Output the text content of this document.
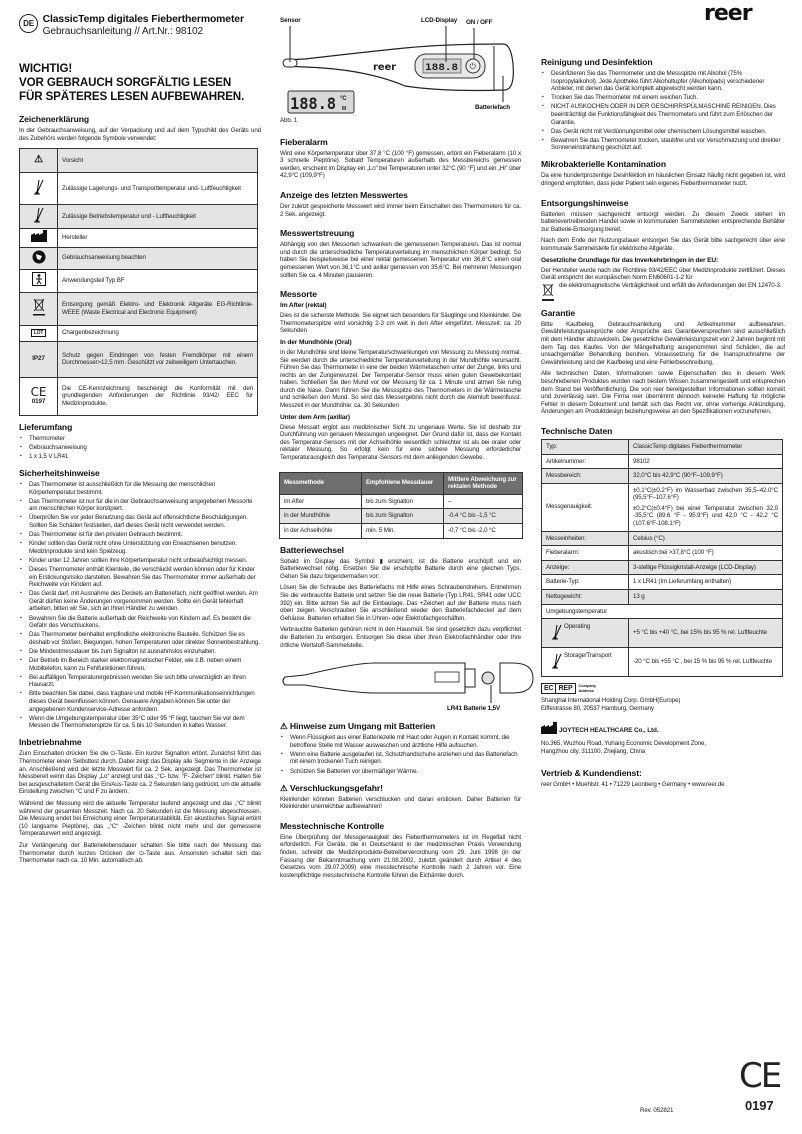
reer
DE ClassicTemp digitales Fieberthermometer
Gebrauchsanleitung // Art.Nr.: 98102
WICHTIG!
VOR GEBRAUCH SORGFÄLTIG LESEN
FÜR SPÄTERES LESEN AUFBEWAHREN.
Zeichenerklärung

In der Gebrauchsanweisung, auf der Verpackung und auf dem Typschild des Geräts und des Zubehörs werden folgende Symbole verwendet:

⚠	Vorsicht
	Zulässige Lagerungs- und Transporttemperatur und- Luftfeuchtigkeit
	Zulässige Betriebstemperatur und - Luftfeuchtigkeit
	Hersteller
	Gebrauchsanweisung beachten
	Anwendungsteil Typ BF
	Entsorgung gemäß Elektro- und Elektronik Altgeräte EG-Richtlinie-WEEE (Waste Electrical and Electronic Equipment)
LOT	Chargenbezeichnung
IP27	Schutz gegen Eindringen von festen Fremdkörper mit einem Durchmesser>12,5 mm. Geschützt vor zeitweiligem Untertauchen.

CE
0197	Die CE-Kennzeichnung bescheinigt die Konformität mit den grundlegenden Anforderungen der Richtlinie 93/42/ EEC für Medizinprodukte.
Lieferumfang
▪ Thermometer
▪ Gebrauchsanweisung
▪ 1 x 1,5 V LR41
Sicherheitshinweise
▪ Das Thermometer ist ausschließlich für die Messung der menschlichen Körpertemperatur bestimmt.
▪ Das Thermometer ist nur für die in der Gebrauchsanweisung angegebenen Messorte am menschlichen Körper konzipiert.
▪ Überprüfen Sie vor jeder Benutzung das Gerät auf offensichtliche Beschädigungen. Sollten Sie Schäden feststellen, darf dieses Gerät nicht verwendet werden.
▪ Das Thermometer ist für den privaten Gebrauch bestimmt.
▪ Kinder sollten das Gerät nicht ohne Unterstützung von Erwachsenen benutzen. Medizinprodukte sind kein Spielzeug.
▪ Kinder unter 12 Jahren sollten ihre Körpertemperatur nicht unbeaufsichtigt messen.
▪ Dieses Thermometer enthält Kleinteile, die verschluckt werden können oder für Kinder ein Erstickungsrisiko darstellen. Bewahren Sie das Thermometer immer außerhalb der Reichweite von Kindern auf.
▪ Das Gerät darf, mit Ausnahme des Deckels am Batteriefach, nicht geöffnet werden. Am Gerät dürfen keine Änderungen vorgenommen werden. Sollte ein Gerät fehlerhaft arbeiten, bitten wir Sie, sich an Ihren Händler zu wenden.
▪ Bewahren Sie die Batterie außerhalb der Reichweite von Kindern auf. Es besteht die Gefahr des Verschluckens.
▪ Das Thermometer beinhaltet empfindliche elektronische Bauteile. Schützen Sie es deshalb vor Stößen, Biegungen, hohen Temperaturen oder direkter Sonnenbestrahlung.
▪ Die Mindestmessdauer bis zum Signalton ist ausnahmslos einzuhalten.
▪ Der Betrieb im Bereich starker elektromagnetischer Felder, wie z.B. neben einem Mobiltelefon, kann zu Fehlfunktionen führen.
▪ Bei auffälligen Temperaturergebnissen wenden Sie sich bitte unverzüglich an Ihren Hausarzt.
▪ Bitte beachten Sie dabei, dass tragbare und mobile HF-Kommunikationseinrichtungen dieses Gerät beeinflussen können. Genauere Angaben können Sie unter der angegebenen Kundenservice-Adresse anfordern.
▪ Wenn die Umgebungstemperatur über 35°C oder 95 °F liegt, tauchen Sie vor dem Messen die Thermometerspitze für ca. 5 bis 10 Sekunden in kaltes Wasser.
Inbetriebnahme

Zum Einschalten drücken Sie die ⏻-Taste. Ein kurzer Signalton ertönt. Zunächst führt das Thermometer einen Selbsttest durch. Dabei zeigt das Display alle Segmente in der Anzeige an. Anschließend wird der letzte Messwert für ca. 2 Sek. angezeigt. Das Thermometer ist Messbereit wenn das Display „Lo“ anzeigt und das „°C- bzw. °F- Zeichen“ blinkt. Halten Sie bei ausgeschaltetem Gerät die Ein/Aus-Taste ca. 2 Sekunden lang gedrückt, um die aktuelle Einstellung zwischen °C und F zu ändern.

Während der Messung wird die aktuelle Temperatur laufend angezeigt und das „°C“ blinkt während der gesamten Messzeit. Nach ca. 20 Sekunden ist die Messung abgeschlossen. Die Messung endet bei Erreichung einer Temperaturstabilität. Ein akustisches Signal ertönt (10 langsame Pieptöne), das „°C“ -Zeichen blinkt nicht mehr und der gemessene Temperaturwert wird angezeigt.

Zur Verlängerung der Batterielebensdauer schalten Sie bitte nach der Messung das Thermometer durch kurzes Drücken der ⏻-Taste aus. Ansonsten schaltet sich das Thermometer nach ca. 10 Min. automatisch ab.

188.8 ⏻
reer
188.8 °C
M
Sensor	LCD-Display ON / OFF
Batteriefach
Abb. 1
Fieberalarm

Wird eine Körpertemperatur über 37,8 °C (100 °F) gemessen, ertönt ein Fieberalarm (10 x 3 schnelle Pieptöne). Sobald Temperaturen außerhalb des Messbereichs gemessen werden, erscheint im Display ein „Lo“ bei Temperaturen unter 32°C (90 °F) und ein „Hi“ über 42,9°C (109,9°F)

Anzeige des letzten Messwertes

Der zuletzt gespeicherte Messwert wird immer beim Einschalten des Thermometers für ca. 2 Sek. angezeigt.

Messwertstreuung

Abhängig von den Messorten schwanken die gemessenen Temperaturen. Das ist normal und durch die unterschiedliche Temperaturverteilung im menschlichen Körper bedingt. So haben Sie beispielsweise bei einer rektal gemessenen Temperatur von 36,6°C einen oral gemessenen Wert von 36,1°C und axillar gemessen von 35,6°C. Bei mehreren Messungen sollten Sie ca. 4 Minuten pausieren.

Messorte
Im After (rektal)

Dies ist die sicherste Methode. Sie eignet sich besonders für Säuglinge und Kleinkinder. Die Thermometerspitze wird vorsichtig 2-3 cm weit in den After eingeführt. Messzeit: ca. 20 Sekunden

In der Mundhöhle (Oral)

In der Mundhöhle sind kleine Temperaturschwankungen von Messung zu Messung normal. Sie werden durch die unterschiedliche Temperaturverteilung in der Mundhöhle verursacht. Führen Sie das Thermometer in eine der beiden Wärmetaschen unter der Zunge, links und rechts an der Zungenwurzel. Der Temperatur-Sensor muss einen guten Gewebekontakt haben. Schließen Sie den Mund vor der Messung für ca. 1 Minute und atmen Sie ruhig durch die Nase. Dann führen Sie die Messspitze des Thermometers in die Wärmetasche und schließen den Mund. So wird das Messergebnis nicht durch die Atemluft beeinflusst. Messzeit in der Mundhöhle: ca. 30 Sekunden

Unter dem Arm (axillar)

Diese Messart ergibt aus medizinischer Sicht zu ungenaue Werte. Sie ist deshalb zur Durchführung von genauen Messungen ungeeignet. Der Grund dafür ist, dass der Kontakt des Temperatur-Sensors mit der Achselhöhle wesentlich schlechter ist als bei oraler oder rektaler Messung. So erfolgt kein für eine sichere Messung erforderlicher Temperaturausgleich des Temperatur-Sensors mit dem anliegenden Gewebe.

Messmethode	Empfohlene Messdauer	Mittlere Abweichung zur rektalen Methode
im After	bis zum Signalton	–
in der Mundhöhle	bis zum Signalton	-0,4 °C bis -1,5 °C
in der Achselhöhle	min. 5 Min.	-0,7 °C bis -2,0 °C
Batteriewechsel

Sobald im Display das Symbol ▮ erscheint, ist die Batterie erschöpft und ein Batteriewechsel nötig. Ersetzen Sie die erschöpfte Batterie durch eine gleichen Typs. Gehen Sie dazu folgendermaßen vor:

Lösen Sie die Schraube des Batteriefachs mit Hilfe eines Schraubendrehers. Entnehmen Sie die verbrauchte Batterie und setzen Sie die neue Batterie (Typ LR41, SR41 oder UCC 392) ein. Bitte achten Sie auf die Einbaulage. Das +Zeichen auf der Batterie muss nach oben zeigen. Verschrauben Sie anschließend wieder den Batteriefachdeckel auf dem Gehäuse. Batterien erhalten Sie in Uhren- oder Elektrofachgeschäften.

Verbrauchte Batterien gehören nicht in den Hausmüll. Sie sind gesetzlich dazu verpflichtet die Batterien zu entsorgen. Entsorgen Sie diese über Ihren Elektrofachhändler oder Ihre örtliche Wertstoff-Sammelstelle.

LR41 Batterie 1,5V
⚠ Hinweise zum Umgang mit Batterien
▪ Wenn Flüssigkeit aus einer Batteriezelle mit Haut oder Augen in Kontakt kommt, die betroffene Stelle mit Wasser auswaschen und ärztliche Hilfe aufsuchen.
▪ Wenn eine Batterie ausgelaufen ist, Schutzhandschuhe anziehen und das Batteriefach mit einem trockenen Tuch reinigen.
▪ Schützen Sie Batterien vor übermäßiger Wärme.
⚠ Verschluckungsgefahr!

Kleinkinder könnten Batterien verschlucken und daran ersticken. Daher Batterien für Kleinkinder unerreichbar aufbewahren!

Messtechnische Kontrolle

Eine Überprüfung der Messgenauigkeit des Fieberthermometers ist im Regelfall nicht erforderlich. Für Geräte, die in Deutschland in der medizinischen Praxis Verwendung finden, schreibt die Medizinprodukte-Betreiberverordnung vom 29. Juni 1998 (in der Fassung der Bekanntmachung vom 21.08.2002, zuletzt geändert durch Artikel 4 des Gesetzes vom 29.07.2009) eine messtechnische Kontrolle nach 2 Jahren vor. Eine kostenpflichtige messtechnische Kontrolle führen die Eichämter durch.

Reinigung und Desinfektion
▪ Desinfizieren Sie das Thermometer und die Messspitze mit Alkohol (75% Isopropylalkohol). Jede Apotheke führt Alkoholtupfer (Alkoholpads) verschiedener Anbieter, mit denen das Gerät komplett abgewischt werden kann.
▪ Trocken Sie das Thermometer mit einem weichen Tuch.
▪ NICHT AUSKOCHEN ODER IN DER GESCHIRRSPÜLMASCHINE REINIGEN. Dies beeinträchtigt die Funktionsfähigkeit des Thermometers und führt zum Erlöschen der Garantie.
▪ Das Gerät nicht mit Verdünnungsmittel oder chemischem Lösungsmittel waschen.
▪ Bewahren Sie das Thermometer trocken, staubfrei und vor Verschmutzung und direkter Sonneneinstrahlung geschützt auf.
Mikrobakterielle Kontamination

Da eine hundertprozentige Desinfektion im häuslichen Einsatz häufig nicht gegeben ist, wird dringend empfohlen, dass jeder Patient sein eigenes Fieberthermometer nutzt.

Entsorgungshinweise

Batterien müssen sachgerecht entsorgt werden. Zu diesem Zweck stehen im batterievertreibenden Handel sowie in kommunalen Sammelstellen entsprechende Behälter zur Batterie-Entsorgung bereit.

Nach dem Ende der Nutzungsdauer entsorgen Sie das Gerät bitte sachgerecht über eine kommunale Sammelstelle für elektrische Altgeräte.

Gesetzliche Grundlage für das Inverkehrbringen in der EU:

Der Hersteller wurde nach der Richtlinie 93/42/EEC über Medizinprodukte zertifiziert. Dieses Gerät entspricht der europäischen Norm EN60601-1-2 für

die elektromagnetische Verträglichkeit und erfüllt die Anforderungen der EN 12470-3.

Garantie

Bitte Kaufbeleg, Gebrauchsanleitung und Artikelnummer aufbewahren. Gewährleistungsansprüche oder Ansprüche aus Garantieversprechen sind ausschließlich mit dem Händler abzuwickeln. Die gesetzliche Gewährleistungszeit von 2 Jahren beginnt mit dem Tag des Kaufes. Von der Mängelhaftung ausgenommen sind Schäden, die auf unsachgemäßer Behandlung beruhen. Voraussetzung für die Inanspruchnahme der Gewährleistung sind der Kaufbeleg und eine Fehlerbeschreibung.

Alle technischen Daten, Informationen sowie Eigenschaften des in diesem Werk beschriebenen Produktes wurden nach bestem Wissen zusammengestellt und entsprechen dem Stand bei Veröffentlichung. Die von reer bereitgestellten Informationen sollten korrekt und zuverlässig sein. Die Firma reer übernimmt dennoch keinerlei Haftung für mögliche Fehler in diesem Dokument und behält sich das Recht vor, ohne vorherige Ankündigung, Änderungen am Produktdesign beziehungsweise an den Spezifikationen vorzunehmen.

Technische Daten
Typ:	ClassicTemp digitales Fieberthermometer

Artikelnummer:	98102

Messbereich:	32,0°C bis 42,9°C (90°F–109,9°F)

Messgenauigkeit:	±0.1°C(±0.2°F) im Wasserbad zwischen 35,5–42.0°C (95,5°F–107.6°F)
±0.2°C(±0.4°F) bei einer Temperatur zwischen 32,0 -35,5°C (89.6 °F - 95.9°F) und 42,0 °C - 42,2 °C (107.6°F-108.1°F)

Messeinheiten:	Celsius (°C)

Fieberalarm:	akustisch bei >37,8°C (100 °F)

Anzeige:	3-stellige Flüssigkristall-Anzeige (LCD-Display)

Batterie-Typ:	1 x LR41 (Im Lieferumfang enthalten)

Nettogewicht:	13 g

Umgebungstemperatur	
Operating	+5 °C bis +40 °C, bei 15% bis 95 % rel. Luftfeuchte
Storage/Transport	-20 °C bis +55 °C , bei 15 % bis 95 % rel. Luftfeuchte
EC REP	Company
Address
Shanghai International Holding Corp. GmbH(Europe)
Eiffestrasse 80, 20537 Hamburg, Germany
JOYTECH HEALTHCARE Co., Ltd.
No.365, Wuzhou Road, Yuhang Economic Development Zone,
Hangzhou city, 311100, Zhejiang, China
Vertrieb & Kundendienst:
reer GmbH • Muehlstr. 41 • 71229 Leonberg • Germany • www.reer.de
Rev. 052821
CE
0197
